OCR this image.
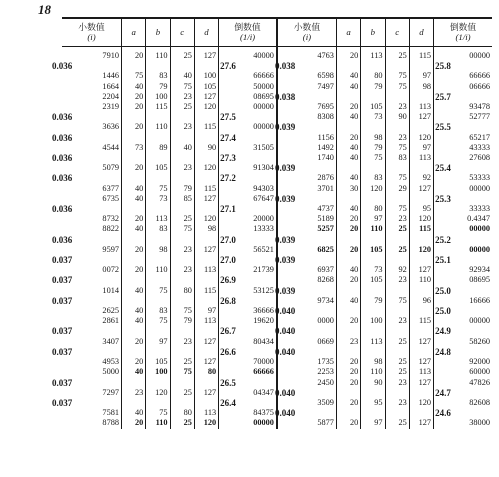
18
小数值
(i)	a	b	c	d	倒数值
(1/i)	小数值
(i)	a	b	c	d	倒数值
(1/i)

7910	20	110	25	127	40000	4763	20	113	25	115	00000

0.036					27.6	0.038					25.8

1446	75	83	40	100	66666	6598	40	80	75	97	66666
1664	40	79	75	105	50000	7497	40	79	75	98	06666
2204	20	100	23	127	08695	0.038					25.7

2319	20	115	25	120	00000	7695	20	105	23	113	93478

0.036					27.5	8308	40	73	90	127	52777
3636	20	110	23	115	00000	0.039					25.5

0.036					27.4	1156	20	98	23	120	65217
4544	73	89	40	90	31505	1492	40	79	75	97	43333

0.036					27.3	1740	40	75	83	113	27608
5079	20	105	23	120	91304	0.039					25.4

0.036					27.2	2876	40	83	75	92	53333
6377	40	75	79	115	94303	3701	30	120	29	127	00000
6735	40	73	85	127	67647	0.039					25.3

0.036					27.1	4737	40	80	75	95	33333
8732	20	113	25	120	20000	5189	20	97	23	120	0.4347
8822	40	83	75	98	13333	5257	20	110	25	115	00000

0.036					27.0	0.039					25.2

9597	20	98	23	127	56521	6825	20	105	25	120	00000

0.037					27.0	0.039					25.1

0072	20	110	23	113	21739	6937	40	73	92	127	92934

0.037					26.9	8268	20	105	23	110	08695
1014	40	75	80	115	53125	0.039					25.0

0.037					26.8	9734	40	79	75	96	16666
2625	40	83	75	97	36666	0.040					25.0

2861	40	75	79	113	19620	0000	20	100	23	115	00000

0.037					26.7	0.040					24.9

3407	20	97	23	127	80434	0669	23	113	25	127	58260

0.037					26.6	0.040					24.8

4953	20	105	25	127	70000	1735	20	98	25	127	92000
5000	40	100	75	80	66666	2253	20	110	25	113	60000

0.037					26.5	2450	20	90	23	127	47826
7297	23	120	25	127	04347	0.040					24.7

0.037					26.4	3509	20	95	23	120	82608
7581	40	75	80	113	84375	0.040					24.6

8788	20	110	25	120	00000	5877	20	97	25	127	38000
